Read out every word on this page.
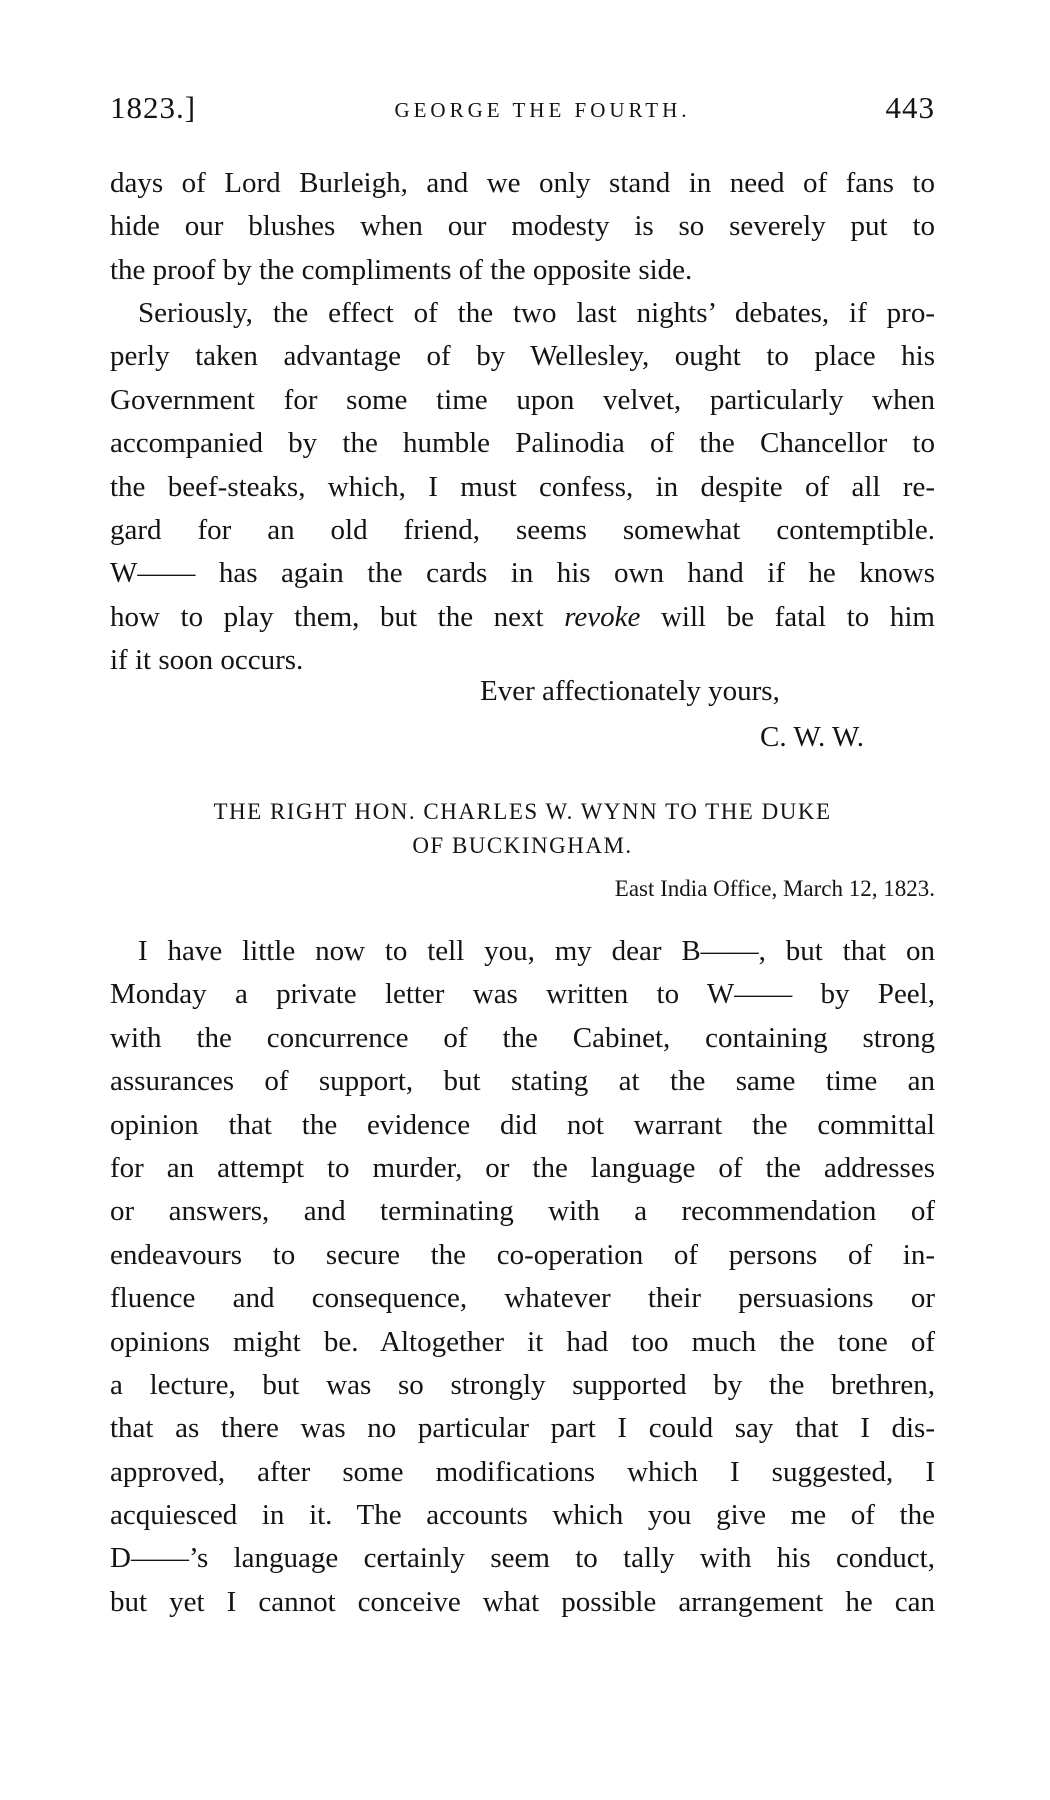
1823.]	GEORGE THE FOURTH.	443
days of Lord Burleigh, and we only stand in need of fans to
hide our blushes when our modesty is so severely put to
the proof by the compliments of the opposite side.
Seriously, the effect of the two last nights’ debates, if pro-
perly taken advantage of by Wellesley, ought to place his
Government for some time upon velvet, particularly when
accompanied by the humble Palinodia of the Chancellor to
the beef-steaks, which, I must confess, in despite of all re-
gard for an old friend, seems somewhat contemptible.
W—— has again the cards in his own hand if he knows
how to play them, but the next revoke will be fatal to him
if it soon occurs.
Ever affectionately yours,
C. W. W.
THE RIGHT HON. CHARLES W. WYNN TO THE DUKE
OF BUCKINGHAM.
East India Office, March 12, 1823.
I have little now to tell you, my dear B——, but that on
Monday a private letter was written to W—— by Peel,
with the concurrence of the Cabinet, containing strong
assurances of support, but stating at the same time an
opinion that the evidence did not warrant the committal
for an attempt to murder, or the language of the addresses
or answers, and terminating with a recommendation of
endeavours to secure the co-operation of persons of in-
fluence and consequence, whatever their persuasions or
opinions might be. Altogether it had too much the tone of
a lecture, but was so strongly supported by the brethren,
that as there was no particular part I could say that I dis-
approved, after some modifications which I suggested, I
acquiesced in it. The accounts which you give me of the
D——’s language certainly seem to tally with his conduct,
but yet I cannot conceive what possible arrangement he can
